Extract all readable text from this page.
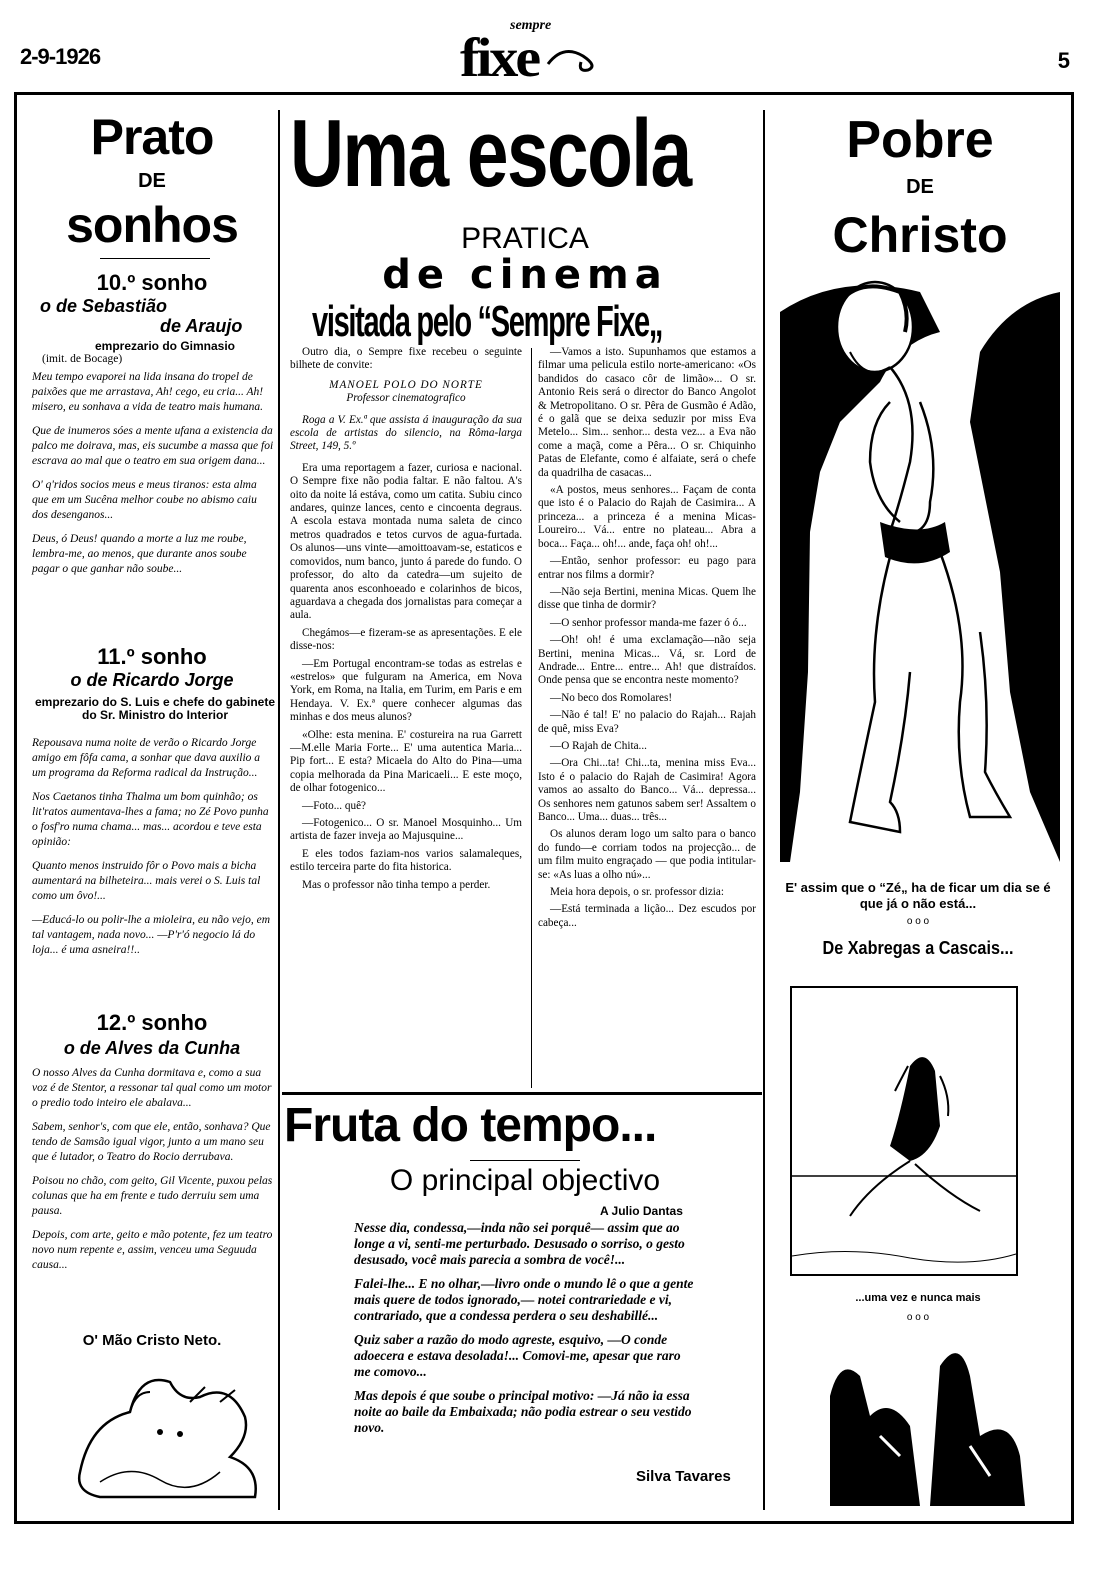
2-9-1926
sempre
fixe	5
Prato
DE
sonhos
10.º sonho
o de Sebastião
de Araujo
emprezario do Gimnasio
(imit. de Bocage)

Meu tempo evaporei na lida insana do tropel de paixões que me arrastava, Ah! cego, eu cria... Ah! misero, eu sonhava a vida de teatro mais humana.

Que de inumeros sóes a mente ufana a existencia da palco me doirava, mas, eis sucumbe a massa que foi escrava ao mal que o teatro em sua origem dana...

O' q'ridos socios meus e meus tiranos: esta alma que em um Sucêna melhor coube no abismo caiu dos desenganos...

Deus, ó Deus! quando a morte a luz me roube, lembra-me, ao menos, que durante anos soube pagar o que ganhar não soube...

11.º sonho
o de Ricardo Jorge
emprezario do S. Luis e chefe do gabinete do Sr. Ministro do Interior

Repousava numa noite de verão o Ricardo Jorge amigo em fôfa cama, a sonhar que dava auxilio a um programa da Reforma radical da Instrução...

Nos Caetanos tinha Thalma um bom quinhão; os lit'ratos aumentava-lhes a fama; no Zé Povo punha o fosf'ro numa chama... mas... acordou e teve esta opinião:

Quanto menos instruido fôr o Povo mais a bicha aumentará na bilheteira... mais verei o S. Luis tal como um ôvo!...

—Educá-lo ou polir-lhe a mioleira, eu não vejo, em tal vantagem, nada novo... —P'r'ó negocio lá do loja... é uma asneira!!..

12.º sonho
o de Alves da Cunha

O nosso Alves da Cunha dormitava e, como a sua voz é de Stentor, a ressonar tal qual como um motor o predio todo inteiro ele abalava...

Sabem, senhor's, com que ele, então, sonhava? Que tendo de Samsão igual vigor, junto a um mano seu que é lutador, o Teatro do Rocio derrubava.

Poisou no chão, com geito, Gil Vicente, puxou pelas colunas que ha em frente e tudo derruiu sem uma pausa.

Depois, com arte, geito e mão potente, fez um teatro novo num repente e, assim, venceu uma Seguuda causa...

O' Mão Cristo Neto.
Uma escola
PRATICA
de cinema
visitada pelo “Sempre Fixe„

Outro dia, o Sempre fixe recebeu o seguinte bilhete de convite:

MANOEL POLO DO NORTE
Professor cinematografico

Roga a V. Ex.ª que assista á inauguração da sua escola de artistas do silencio, na Rôma-larga Street, 149, 5.º

Era uma reportagem a fazer, curiosa e nacional. O Sempre fixe não podia faltar. E não faltou. A's oito da noite lá estáva, como um catita. Subiu cinco andares, quinze lances, cento e cincoenta degraus. A escola estava montada numa saleta de cinco metros quadrados e tetos curvos de agua-furtada. Os alunos—uns vinte—amoittoavam-se, estaticos e comovidos, num banco, junto á parede do fundo. O professor, do alto da catedra—um sujeito de quarenta anos esconhoeado e colarinhos de bicos, aguardava a chegada dos jornalistas para começar a aula.

Chegámos—e fizeram-se as apresentações. E ele disse-nos:

—Em Portugal encontram-se todas as estrelas e «estrelos» que fulguram na America, em Nova York, em Roma, na Italia, em Turim, em Paris e em Hendaya. V. Ex.ª quere conhecer algumas das minhas e dos meus alunos?

«Olhe: esta menina. E' costureira na rua Garrett—M.elle Maria Forte... E' uma autentica Maria... Pip fort... E esta? Micaela do Alto do Pina—uma copia melhorada da Pina Maricaeli... E este moço, de olhar fotogenico...

—Foto... quê?

—Fotogenico... O sr. Manoel Mosquinho... Um artista de fazer inveja ao Majusquine...

E eles todos faziam-nos varios salamaleques, estilo terceira parte do fita historica.

Mas o professor não tinha tempo a perder.

—Vamos a isto. Supunhamos que estamos a filmar uma pelicula estilo norte-americano: «Os bandidos do casaco côr de limão»... O sr. Antonio Reis será o director do Banco Angolot & Metropolitano. O sr. Pêra de Gusmão é Adão, é o galã que se deixa seduzir por miss Eva Metelo... Sim... senhor... desta vez... a Eva não come a maçã, come a Pêra... O sr. Chiquinho Patas de Elefante, como é alfaiate, será o chefe da quadrilha de casacas...

«A postos, meus senhores... Façam de conta que isto é o Palacio do Rajah de Casimira... A princeza... a princeza é a menina Micas-Loureiro... Vá... entre no plateau... Abra a boca... Faça... oh!... ande, faça oh! oh!...

—Então, senhor professor: eu pago para entrar nos films a dormir?

—Não seja Bertini, menina Micas. Quem lhe disse que tinha de dormir?

—O senhor professor manda-me fazer ó ó...

—Oh! oh! é uma exclamação—não seja Bertini, menina Micas... Vá, sr. Lord de Andrade... Entre... entre... Ah! que distraídos. Onde pensa que se encontra neste momento?

—No beco dos Romolares!

—Não é tal! E' no palacio do Rajah... Rajah de quê, miss Eva?

—O Rajah de Chita...

—Ora Chi...ta! Chi...ta, menina miss Eva... Isto é o palacio do Rajah de Casimira! Agora vamos ao assalto do Banco... Vá... depressa... Os senhores nem gatunos sabem ser! Assaltem o Banco... Uma... duas... três...

Os alunos deram logo um salto para o banco do fundo—e corriam todos na projecção... de um film muito engraçado — que podia intitular-se: «As luas a olho nú»...

Meia hora depois, o sr. professor dizia:

—Está terminada a lição... Dez escudos por cabeça...

Fruta do tempo...
O principal objectivo
A Julio Dantas

Nesse dia, condessa,—inda não sei porquê— assim que ao longe a vi, senti-me perturbado. Desusado o sorriso, o gesto desusado, você mais parecia a sombra de você!...

Falei-lhe... E no olhar,—livro onde o mundo lê o que a gente mais quere de todos ignorado,— notei contrariedade e vi, contrariado, que a condessa perdera o seu deshabillé...

Quiz saber a razão do modo agreste, esquivo, —O conde adoecera e estava desolada!... Comovi-me, apesar que raro me comovo...

Mas depois é que soube o principal motivo: —Já não ia essa noite ao baile da Embaixada; não podia estrear o seu vestido novo.

Silva Tavares
Pobre
DE
Christo
E' assim que o “Zé„ ha de ficar um dia se é que já o não está...
o o o
De Xabregas a Cascais...
...uma vez e nunca mais
o o o
